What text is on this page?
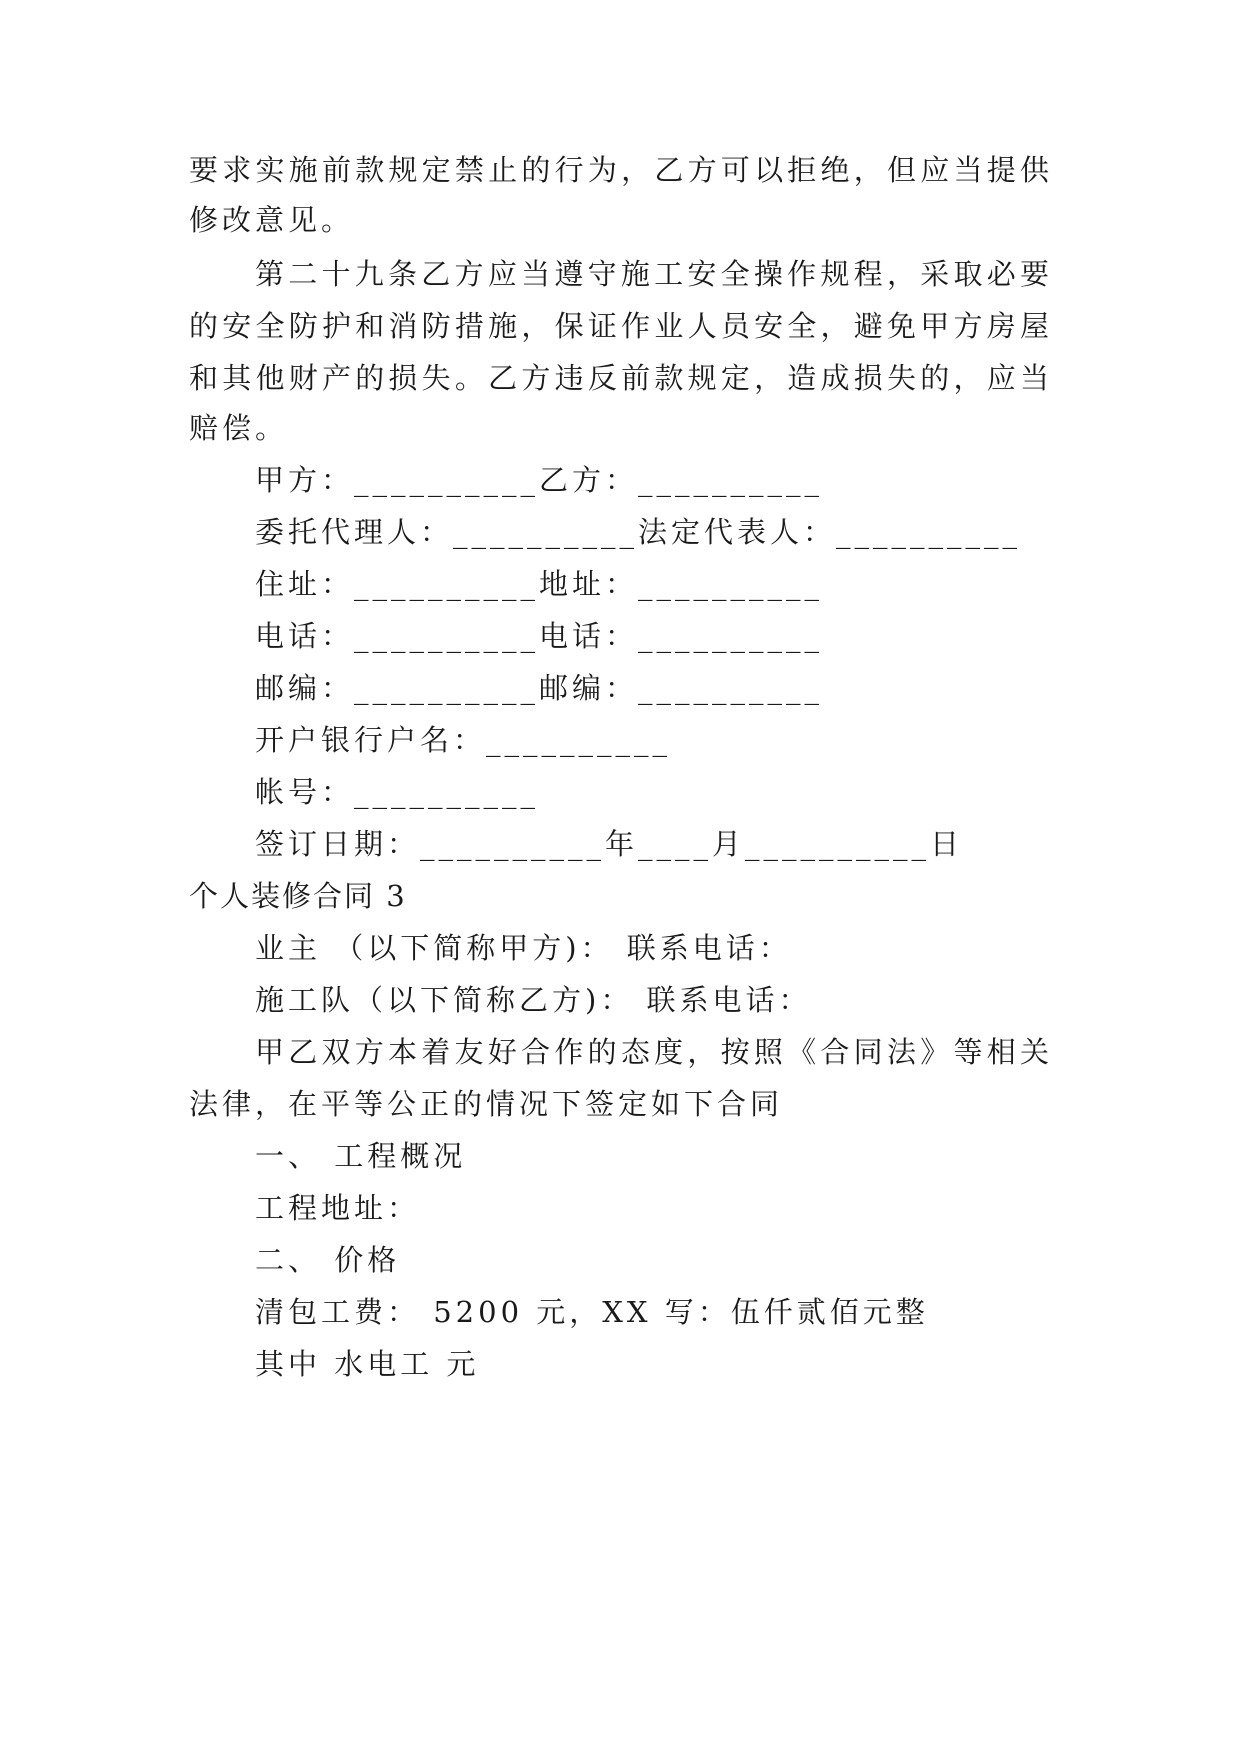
要求实施前款规定禁止的行为，乙方可以拒绝，但应当提供
修改意见。
第二十九条乙方应当遵守施工安全操作规程，采取必要
的安全防护和消防措施，保证作业人员安全，避免甲方房屋
和其他财产的损失。乙方违反前款规定，造成损失的，应当
赔偿。
甲方：__________乙方：__________
委托代理人：__________法定代表人：__________
住址：__________地址：__________
电话：__________电话：__________
邮编：__________邮编：__________
开户银行户名：__________
帐号：__________
签订日期：__________年____月__________日
个人装修合同 3
业主 （以下简称甲方)： 联系电话：
施工队（以下简称乙方)： 联系电话：
甲乙双方本着友好合作的态度，按照《合同法》等相关
法律，在平等公正的情况下签定如下合同
一、 工程概况
工程地址：
二、 价格
清包工费： 5200 元，XX 写：伍仟贰佰元整
其中 水电工 元
